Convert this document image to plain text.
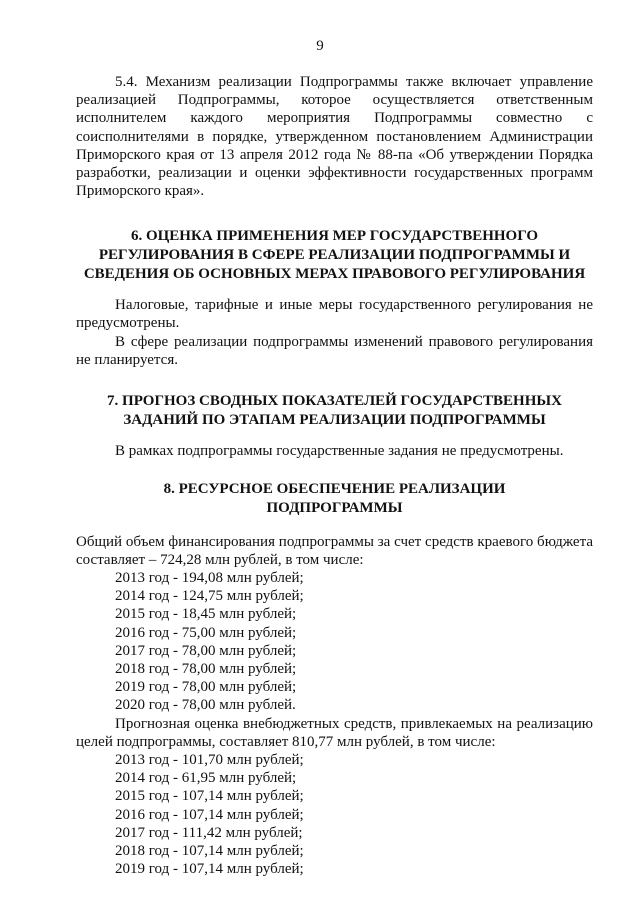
9

5.4. Механизм реализации Подпрограммы также включает управление

реализацией Подпрограммы, которое осуществляется ответственным

исполнителем каждого мероприятия Подпрограммы совместно с

соисполнителями в порядке, утвержденном постановлением Администрации

Приморского края от 13 апреля 2012 года № 88-па «Об утверждении Порядка

разработки, реализации и оценки эффективности государственных программ

Приморского края».

6. ОЦЕНКА ПРИМЕНЕНИЯ МЕР ГОСУДАРСТВЕННОГО
РЕГУЛИРОВАНИЯ В СФЕРЕ РЕАЛИЗАЦИИ ПОДПРОГРАММЫ И
СВЕДЕНИЯ ОБ ОСНОВНЫХ МЕРАХ ПРАВОВОГО РЕГУЛИРОВАНИЯ

Налоговые, тарифные и иные меры государственного регулирования не предусмотрены.

В сфере реализации подпрограммы изменений правового регулирования не планируется.

7. ПРОГНОЗ СВОДНЫХ ПОКАЗАТЕЛЕЙ ГОСУДАРСТВЕННЫХ
ЗАДАНИЙ ПО ЭТАПАМ РЕАЛИЗАЦИИ ПОДПРОГРАММЫ

В рамках подпрограммы государственные задания не предусмотрены.

8. РЕСУРСНОЕ ОБЕСПЕЧЕНИЕ РЕАЛИЗАЦИИ
ПОДПРОГРАММЫ

Общий объем финансирования подпрограммы за счет средств краевого бюджета составляет – 724,28 млн рублей, в том числе:

2013 год - 194,08 млн рублей;

2014 год - 124,75 млн рублей;

2015 год - 18,45 млн рублей;

2016 год - 75,00 млн рублей;

2017 год - 78,00 млн рублей;

2018 год - 78,00 млн рублей;

2019 год - 78,00 млн рублей;

2020 год - 78,00 млн рублей.

Прогнозная оценка внебюджетных средств, привлекаемых на реализацию целей подпрограммы, составляет 810,77 млн рублей, в том числе:

2013 год - 101,70 млн рублей;

2014 год - 61,95 млн рублей;

2015 год - 107,14 млн рублей;

2016 год - 107,14 млн рублей;

2017 год - 111,42 млн рублей;

2018 год - 107,14 млн рублей;

2019 год - 107,14 млн рублей;
